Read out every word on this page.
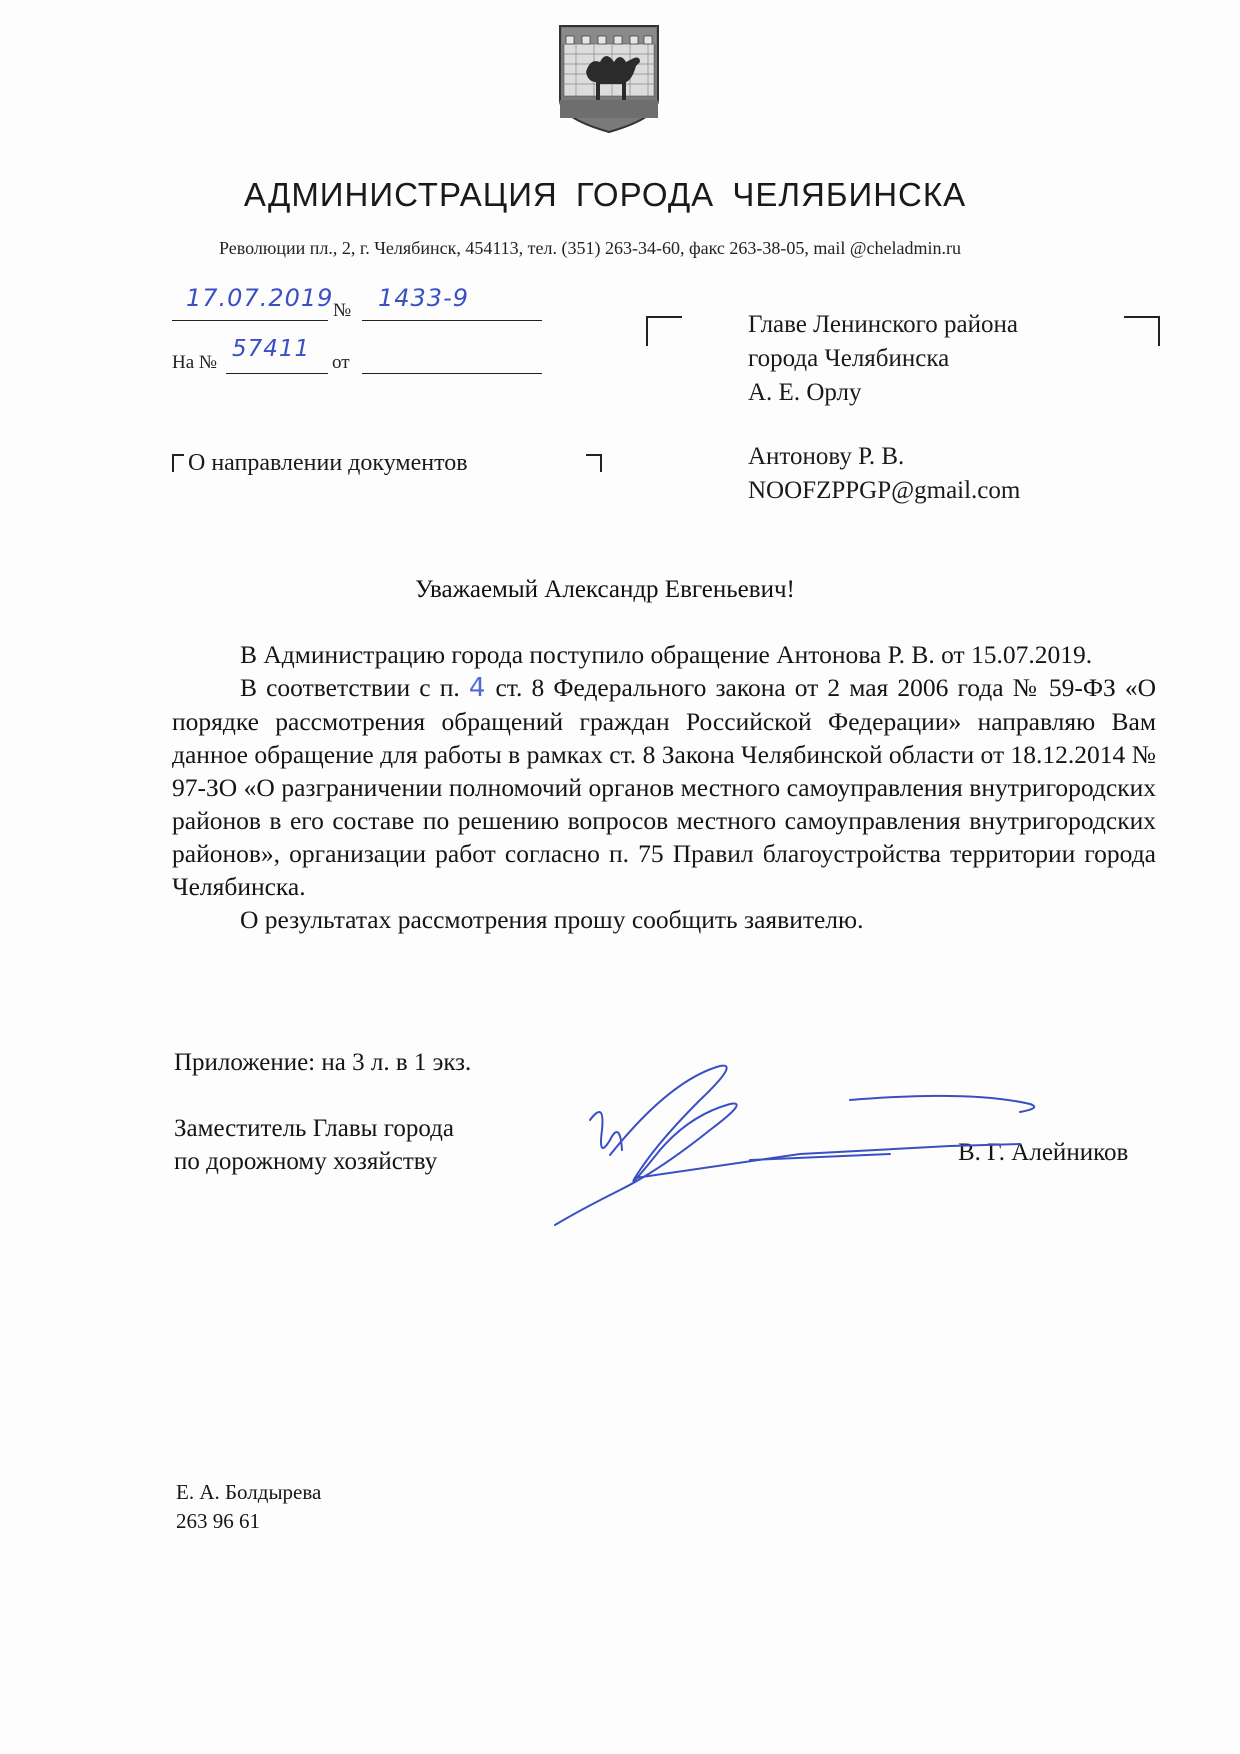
АДМИНИСТРАЦИЯ ГОРОДА ЧЕЛЯБИНСКА
Революции пл., 2, г. Челябинск, 454113, тел. (351) 263-34-60, факс 263-38-05, mail @cheladmin.ru
17.07.2019 № 1433-9
На №
57411
от
О направлении документов
Главе Ленинского района
города Челябинска
А. Е. Орлу
Антонову Р. В.
NOOFZPPGP@gmail.com
Уважаемый Александр Евгеньевич!

В Администрацию города поступило обращение Антонова Р. В. от 15.07.2019.

В соответствии с п. 4 ст. 8 Федерального закона от 2 мая 2006 года № 59-ФЗ «О порядке рассмотрения обращений граждан Российской Федерации» направляю Вам данное обращение для работы в рамках ст. 8 Закона Челябинской области от 18.12.2014 № 97-ЗО «О разграничении полномочий органов местного самоуправления внутригородских районов в его составе по решению вопросов местного самоуправления внутригородских районов», организации работ согласно п. 75 Правил благоустройства территории города Челябинска.

О результатах рассмотрения прошу сообщить заявителю.

Приложение: на 3 л. в 1 экз.
Заместитель Главы города
по дорожному хозяйству	В. Г. Алейников
Е. А. Болдырева
263 96 61
